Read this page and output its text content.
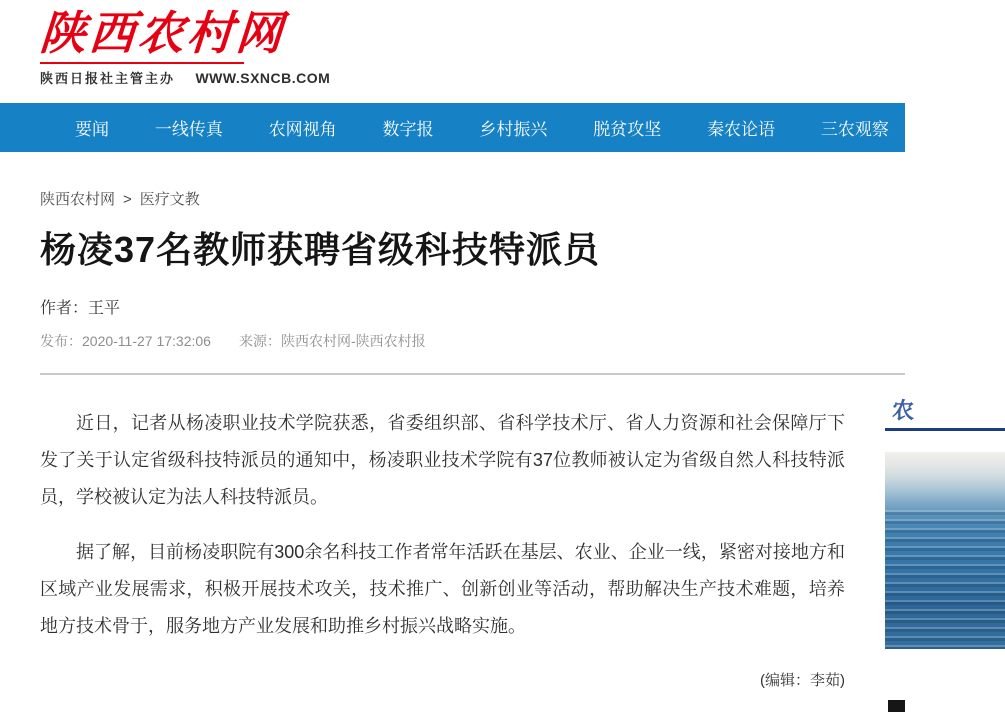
陕西农村网
陕西日报社主管主办 WWW.SXNCB.COM
要闻	一线传真	农网视角	数字报	乡村振兴	脱贫攻坚	秦农论语	三农观察
陕西农村网 > 医疗文教
杨凌37名教师获聘省级科技特派员
作者：王平
发布：2020-11-27 17:32:06 来源：陕西农村网-陕西农村报

近日，记者从杨凌职业技术学院获悉，省委组织部、省科学技术厅、省人力资源和社会保障厅下发了关于认定省级科技特派员的通知中，杨凌职业技术学院有37位教师被认定为省级自然人科技特派员，学校被认定为法人科技特派员。

据了解，目前杨凌职院有300余名科技工作者常年活跃在基层、农业、企业一线，紧密对接地方和区域产业发展需求，积极开展技术攻关，技术推广、创新创业等活动，帮助解决生产技术难题，培养地方技术骨于，服务地方产业发展和助推乡村振兴战略实施。

(编辑：李茹)
农
